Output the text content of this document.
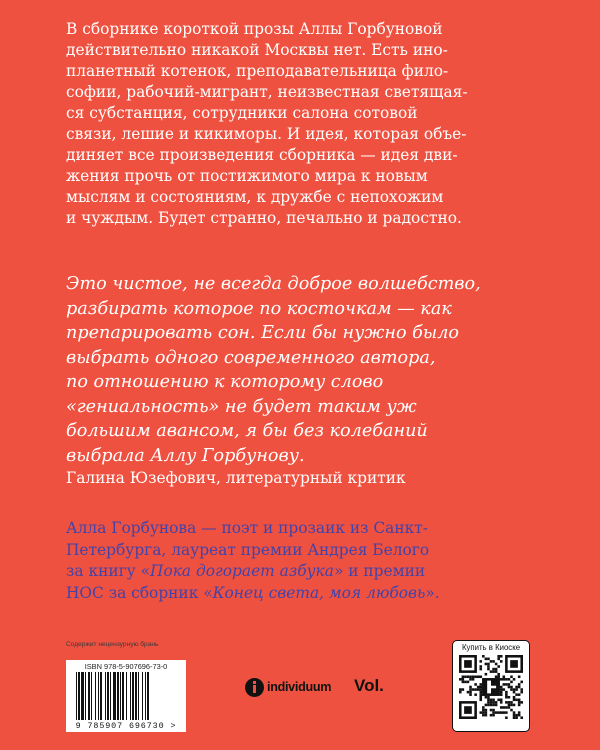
В сборнике короткой прозы Аллы Горбуновой
действительно никакой Москвы нет. Есть ино-
планетный котенок, преподавательница фило-
софии, рабочий-мигрант, неизвестная светящая-
ся субстанция, сотрудники салона сотовой
связи, лешие и кикиморы. И идея, которая объе-
диняет все произведения сборника — идея дви-
жения прочь от постижимого мира к новым
мыслям и состояниям, к дружбе с непохожим
и чуждым. Будет странно, печально и радостно.
Это чистое, не всегда доброе волшебство,
разбирать которое по косточкам — как
препарировать сон. Если бы нужно было
выбрать одного современного автора,
по отношению к которому слово
«гениальность» не будет таким уж
большим авансом, я бы без колебаний
выбрала Аллу Горбунову.
Галина Юзефович, литературный критик
Алла Горбунова — поэт и прозаик из Санкт-
Петербурга, лауреат премии Андрея Белого
за книгу «Пока догорает азбука» и премии
НОС за сборник «Конец света, моя любовь».
Содержит нецензурную брань
ISBN 978-5-907696-73-0
9 785907 696730 >
individuum Vol.
Купить в Киоске
